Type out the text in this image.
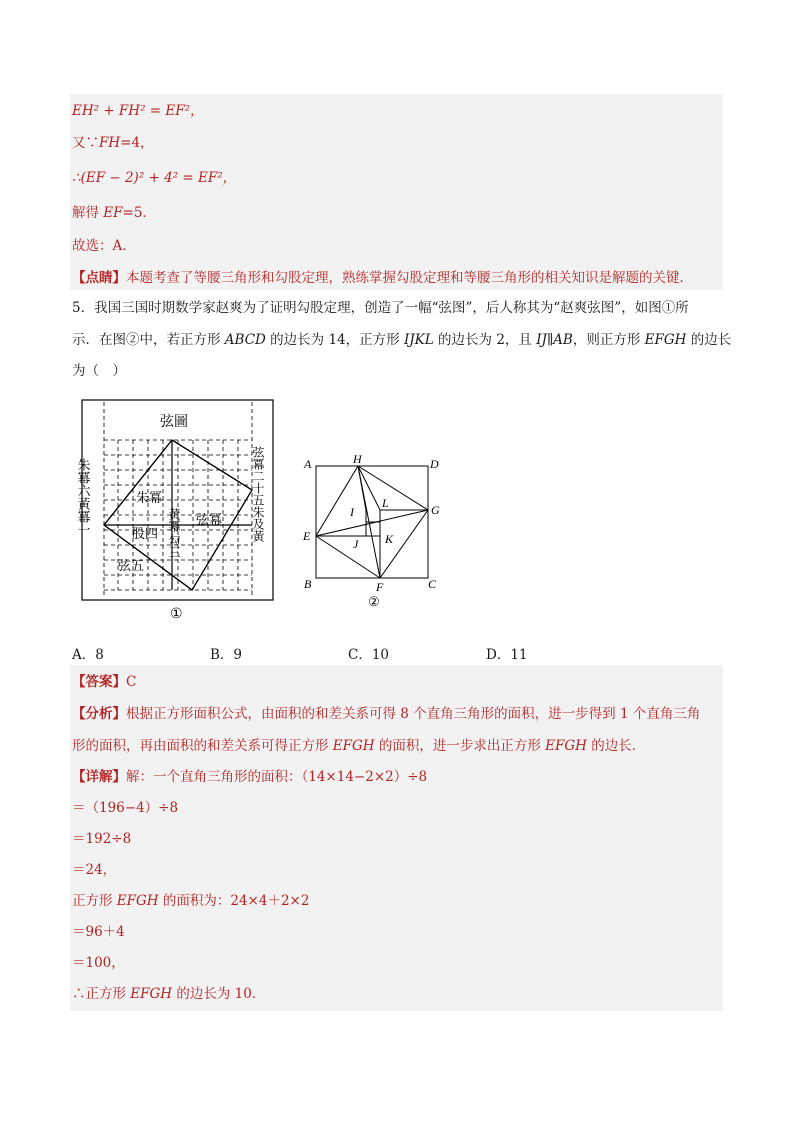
EH² + FH² = EF²，
又∵FH=4，
∴(EF − 2)² + 4² = EF²，
解得 EF=5．
故选：A．
【点睛】本题考查了等腰三角形和勾股定理，熟练掌握勾股定理和等腰三角形的相关知识是解题的关键．
5．我国三国时期数学家赵爽为了证明勾股定理，创造了一幅“弦图”，后人称其为“赵爽弦图”，如图①所
示．在图②中，若正方形 ABCD 的边长为 14，正方形 IJKL 的边长为 2，且 IJ∥AB，则正方形 EFGH 的边长
为（　）
弦圖
朱冪六黃冪一	弦冪二十五朱及黃
朱冪
黃冪
勾三
股四
弦冪
弦五
①
A	H	D
E
G
B	F	C
I
J K
L
②
A．8	B．9	C．10	D．11
【答案】C
【分析】根据正方形面积公式，由面积的和差关系可得 8 个直角三角形的面积，进一步得到 1 个直角三角
形的面积，再由面积的和差关系可得正方形 EFGH 的面积，进一步求出正方形 EFGH 的边长．
【详解】解：一个直角三角形的面积：（14×14−2×2）÷8
＝（196−4）÷8
＝192÷8
＝24，
正方形 EFGH 的面积为：24×4＋2×2
＝96＋4
＝100，
∴正方形 EFGH 的边长为 10．
